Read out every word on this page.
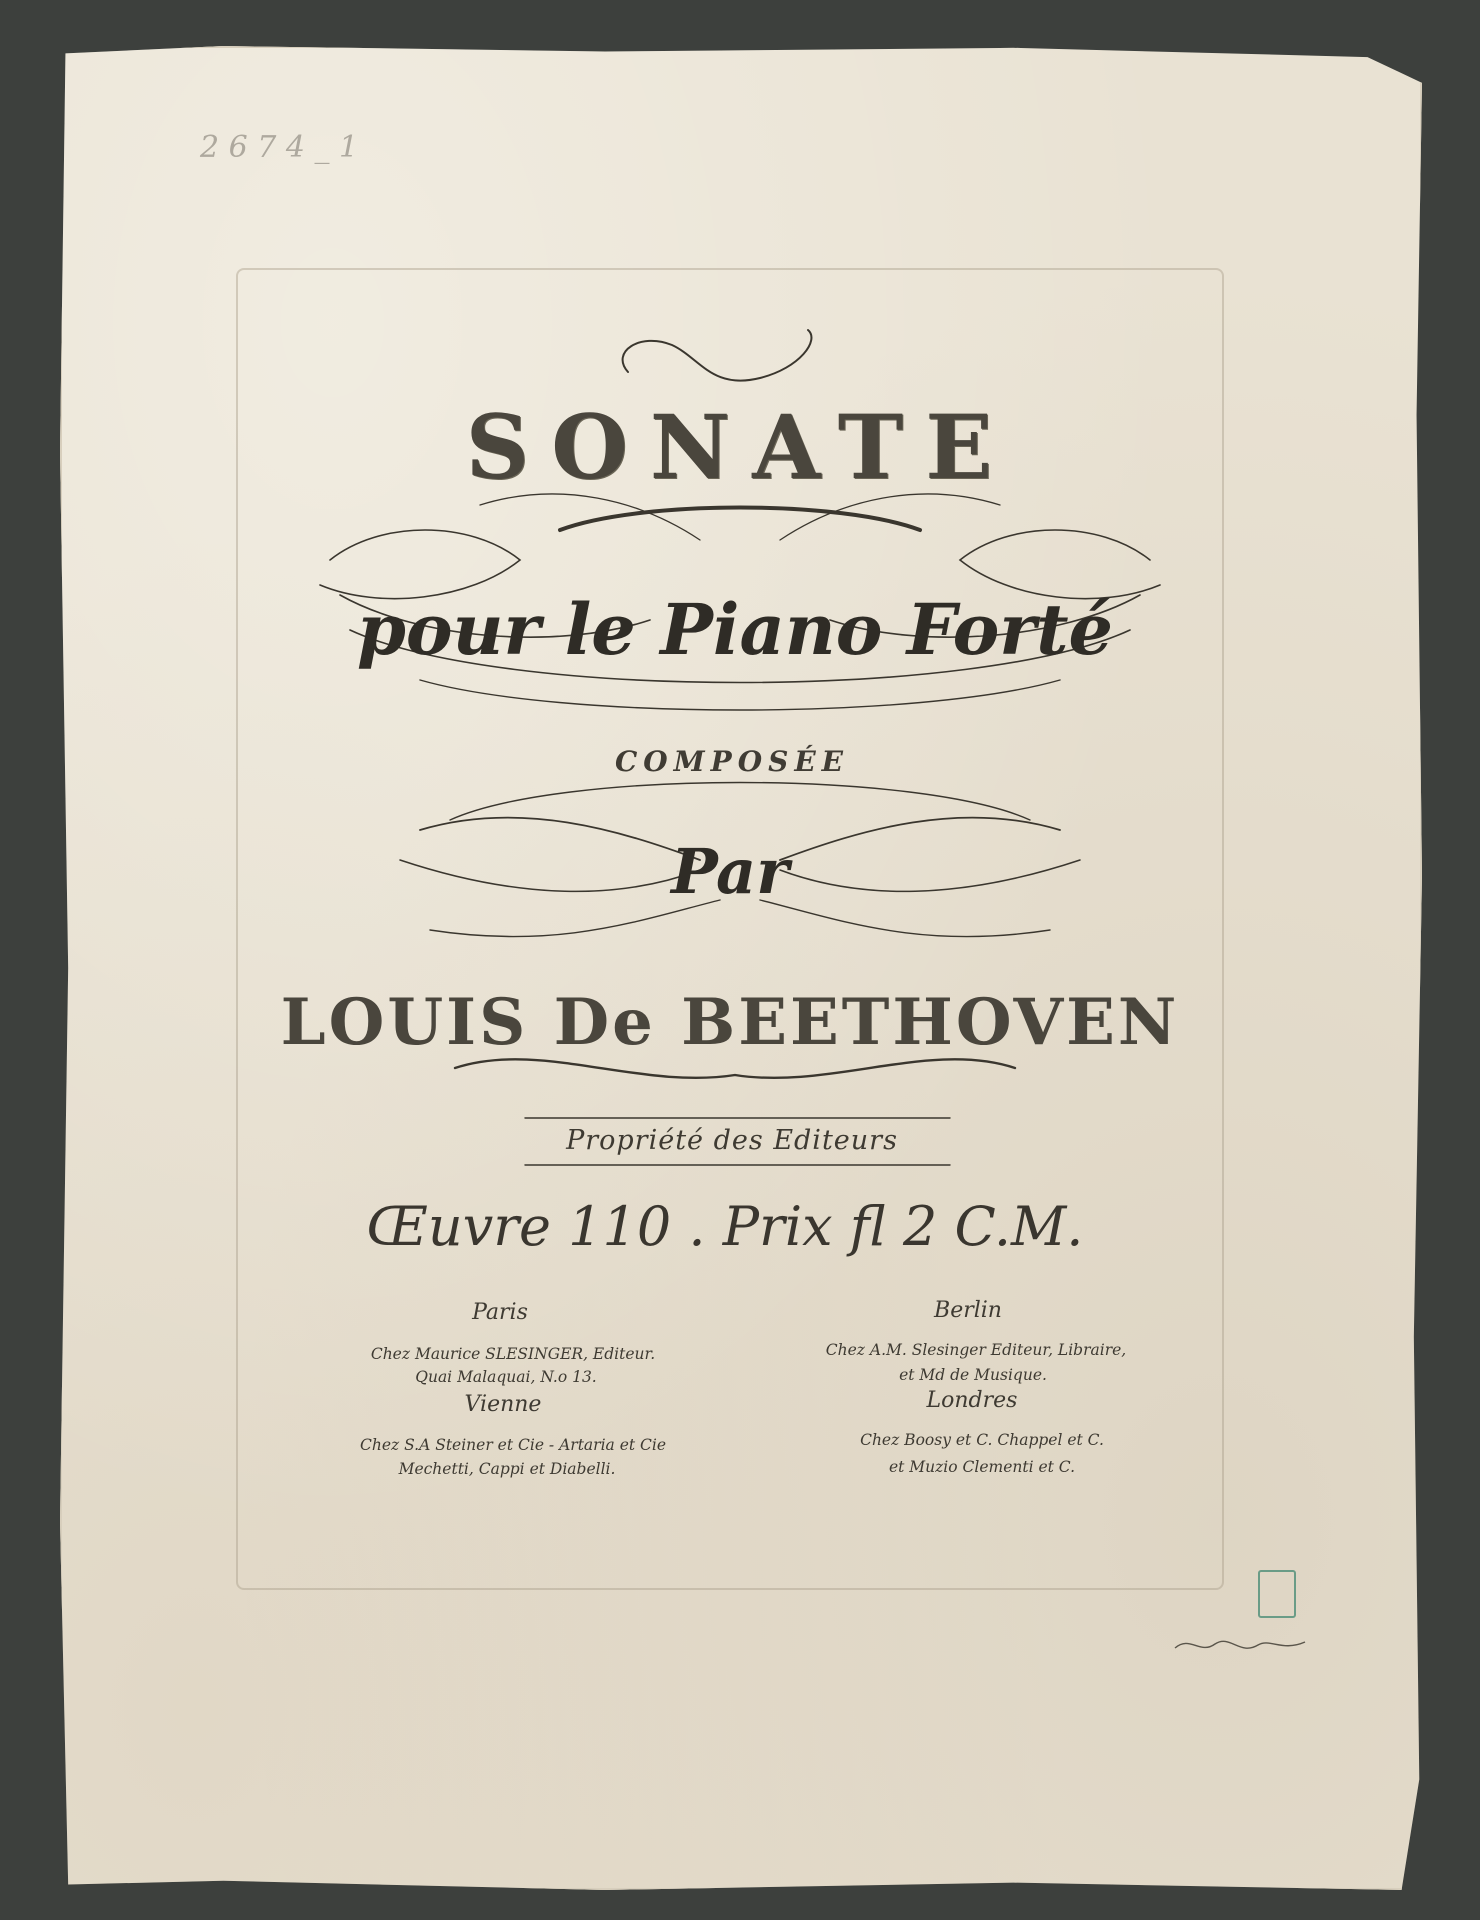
2 6 7 4 _ 1
SONATE
pour le Piano Forté
COMPOSÉE
Par
LOUIS De BEETHOVEN
Propriété des Editeurs
Œuvre 110 . Prix fl 2 C.M.
Paris
Chez Maurice SLESINGER, Editeur.
Quai Malaquai, N.o 13.
Vienne
Chez S.A Steiner et Cie - Artaria et Cie
Mechetti, Cappi et Diabelli.
Berlin
Chez A.M. Slesinger Editeur, Libraire,
et Md de Musique.
Londres
Chez Boosy et C. Chappel et C.
et Muzio Clementi et C.
